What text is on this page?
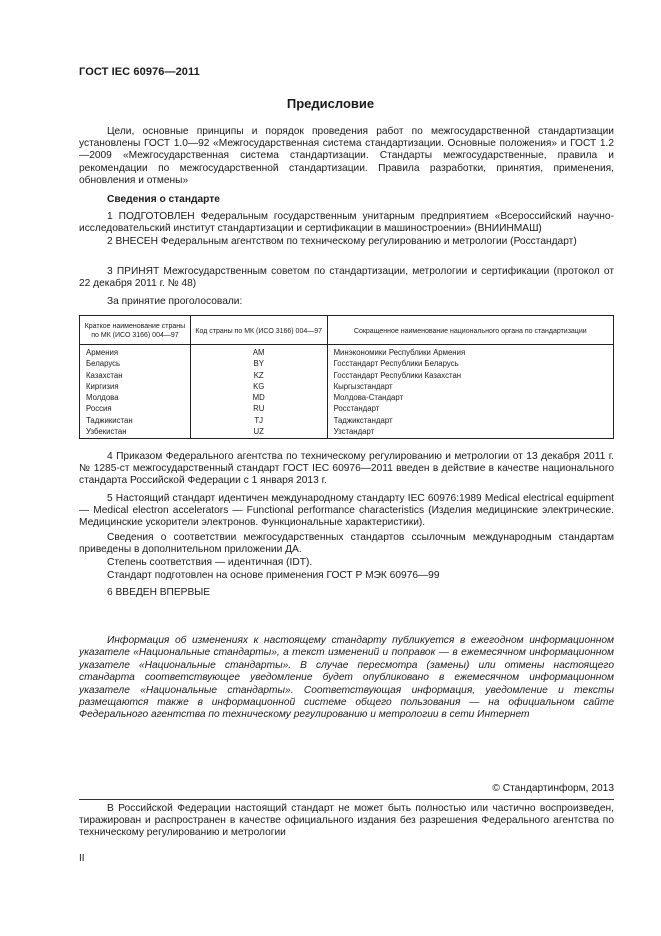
ГОСТ IEC 60976—2011
Предисловие
Цели, основные принципы и порядок проведения работ по межгосударственной стандартизации установлены ГОСТ 1.0—92 «Межгосударственная система стандартизации. Основные положения» и ГОСТ 1.2—2009 «Межгосударственная система стандартизации. Стандарты межгосударственные, правила и рекомендации по межгосударственной стандартизации. Правила разработки, принятия, применения, обновления и отмены»
Сведения о стандарте
1 ПОДГОТОВЛЕН Федеральным государственным унитарным предприятием «Всероссийский научно-исследовательский институт стандартизации и сертификации в машиностроении» (ВНИИНМАШ)
2 ВНЕСЕН Федеральным агентством по техническому регулированию и метрологии (Росстандарт)
3 ПРИНЯТ Межгосударственным советом по стандартизации, метрологии и сертификации (протокол от 22 декабря 2011 г. № 48)
За принятие проголосовали:
Краткое наименование страны по МК (ИСО 3166) 004—97	Код страны по МК (ИСО 3166) 004—97	Сокращенное наименование национального органа по стандартизации
Армения	AM	Минэкономики Республики Армения
Беларусь	BY	Госстандарт Республики Беларусь
Казахстан	KZ	Госстандарт Республики Казахстан
Киргизия	KG	Кыргызстандарт
Молдова	MD	Молдова-Стандарт
Россия	RU	Росстандарт
Таджикистан	TJ	Таджикстандарт
Узбекистан	UZ	Узстандарт
4 Приказом Федерального агентства по техническому регулированию и метрологии от 13 декабря 2011 г. № 1285-ст межгосударственный стандарт ГОСТ IEC 60976—2011 введен в действие в качестве национального стандарта Российской Федерации с 1 января 2013 г.
5 Настоящий стандарт идентичен международному стандарту IEC 60976:1989 Medical electrical equipment — Medical electron accelerators — Functional performance characteristics (Изделия медицинские электрические. Медицинские ускорители электронов. Функциональные характеристики).
Сведения о соответствии межгосударственных стандартов ссылочным международным стандартам приведены в дополнительном приложении ДА.
Степень соответствия — идентичная (IDT).
Стандарт подготовлен на основе применения ГОСТ Р МЭК 60976—99
6 ВВЕДЕН ВПЕРВЫЕ
Информация об изменениях к настоящему стандарту публикуется в ежегодном информационном указателе «Национальные стандарты», а текст изменений и поправок — в ежемесячном информационном указателе «Национальные стандарты». В случае пересмотра (замены) или отмены настоящего стандарта соответствующее уведомление будет опубликовано в ежемесячном информационном указателе «Национальные стандарты». Соответствующая информация, уведомление и тексты размещаются также в информационной системе общего пользования — на официальном сайте Федерального агентства по техническому регулированию и метрологии в сети Интернет
© Стандартинформ, 2013
В Российской Федерации настоящий стандарт не может быть полностью или частично воспроизведен, тиражирован и распространен в качестве официального издания без разрешения Федерального агентства по техническому регулированию и метрологии
II
